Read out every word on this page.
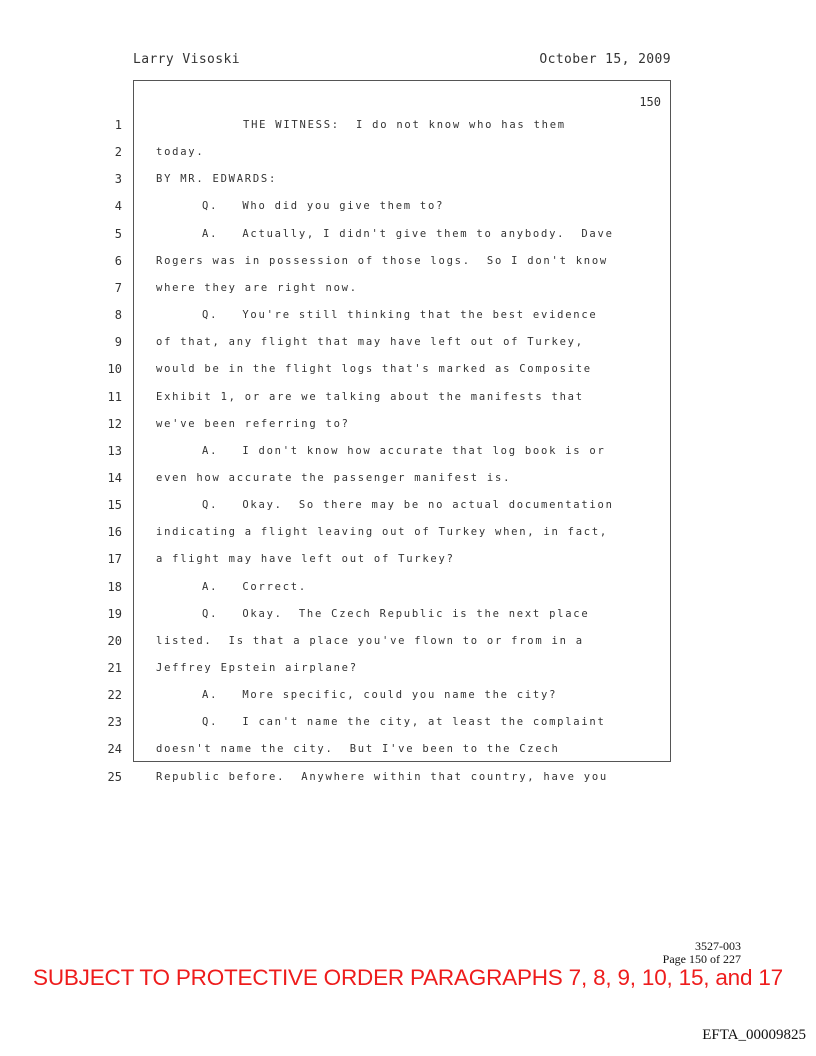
Larry Visoski	October 15, 2009
150
1	THE WITNESS:  I do not know who has them
2	today.
3	BY MR. EDWARDS:
4	Q.   Who did you give them to?
5	A.   Actually, I didn't give them to anybody.  Dave
6	Rogers was in possession of those logs.  So I don't know
7	where they are right now.
8	Q.   You're still thinking that the best evidence
9	of that, any flight that may have left out of Turkey,
10	would be in the flight logs that's marked as Composite
11	Exhibit 1, or are we talking about the manifests that
12	we've been referring to?
13	A.   I don't know how accurate that log book is or
14	even how accurate the passenger manifest is.
15	Q.   Okay.  So there may be no actual documentation
16	indicating a flight leaving out of Turkey when, in fact,
17	a flight may have left out of Turkey?
18	A.   Correct.
19	Q.   Okay.  The Czech Republic is the next place
20	listed.  Is that a place you've flown to or from in a
21	Jeffrey Epstein airplane?
22	A.   More specific, could you name the city?
23	Q.   I can't name the city, at least the complaint
24	doesn't name the city.  But I've been to the Czech
25	Republic before.  Anywhere within that country, have you
3527-003
Page 150 of 227
SUBJECT TO PROTECTIVE ORDER PARAGRAPHS 7, 8, 9, 10, 15, and 17
EFTA_00009825
